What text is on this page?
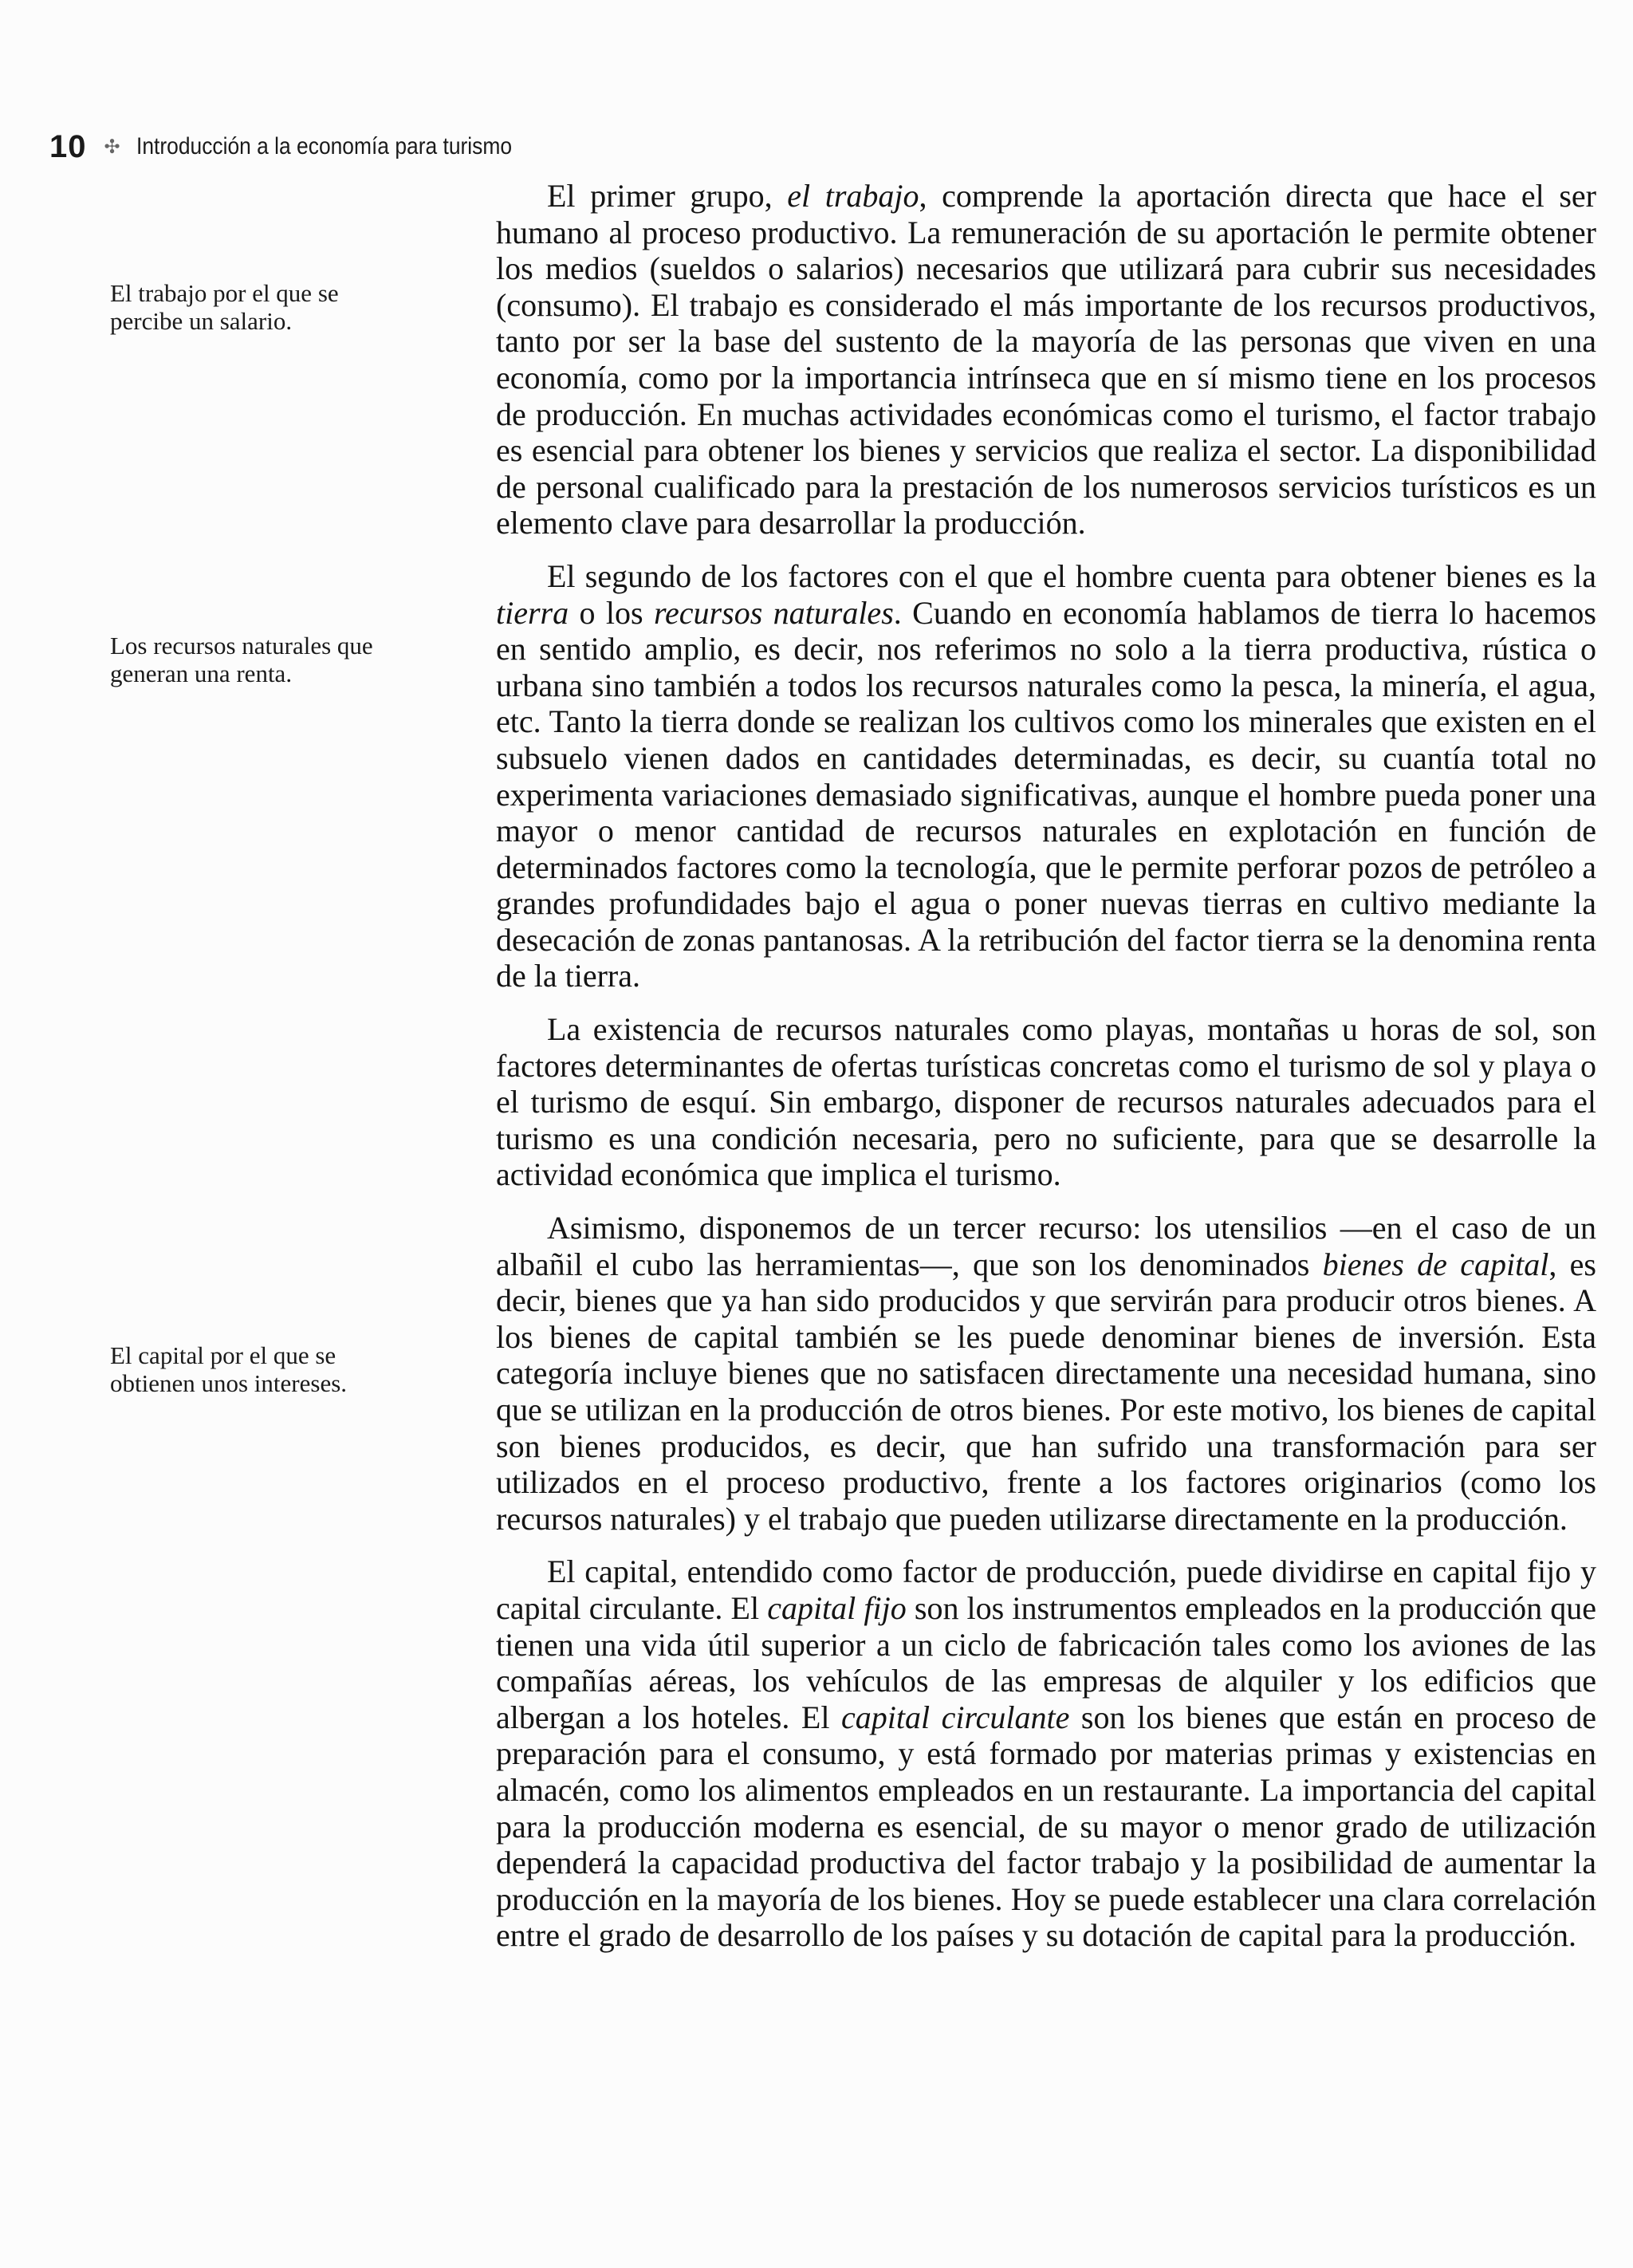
10 ✣ Introducción a la economía para turismo
El trabajo por el que se percibe un salario.
Los recursos naturales que generan una renta.
El capital por el que se obtienen unos intereses.

El primer grupo, el trabajo, comprende la aportación directa que hace el ser humano al proceso productivo. La remuneración de su aportación le permite obtener los medios (sueldos o salarios) necesarios que utilizará para cubrir sus necesidades (consumo). El trabajo es considerado el más importante de los recursos productivos, tanto por ser la base del sustento de la mayoría de las personas que viven en una economía, como por la importancia intrínseca que en sí mismo tiene en los procesos de producción. En muchas actividades económicas como el turismo, el factor trabajo es esencial para obtener los bienes y servicios que realiza el sector. La disponibilidad de personal cualificado para la prestación de los numerosos servicios turísticos es un elemento clave para desarrollar la producción.

El segundo de los factores con el que el hombre cuenta para obtener bienes es la tierra o los recursos naturales. Cuando en economía hablamos de tierra lo hacemos en sentido amplio, es decir, nos referimos no solo a la tierra productiva, rústica o urbana sino también a todos los recursos naturales como la pesca, la minería, el agua, etc. Tanto la tierra donde se realizan los cultivos como los minerales que existen en el subsuelo vienen dados en cantidades determinadas, es decir, su cuantía total no experimenta variaciones demasiado significativas, aunque el hombre pueda poner una mayor o menor cantidad de recursos naturales en explotación en función de determinados factores como la tecnología, que le permite perforar pozos de petróleo a grandes profundidades bajo el agua o poner nuevas tierras en cultivo mediante la desecación de zonas pantanosas. A la retribución del factor tierra se la denomina renta de la tierra.

La existencia de recursos naturales como playas, montañas u horas de sol, son factores determinantes de ofertas turísticas concretas como el turismo de sol y playa o el turismo de esquí. Sin embargo, disponer de recursos naturales adecuados para el turismo es una condición necesaria, pero no suficiente, para que se desarrolle la actividad económica que implica el turismo.

Asimismo, disponemos de un tercer recurso: los utensilios —en el caso de un albañil el cubo las herramientas—, que son los denominados bienes de capital, es decir, bienes que ya han sido producidos y que servirán para producir otros bienes. A los bienes de capital también se les puede denominar bienes de inversión. Esta categoría incluye bienes que no satisfacen directamente una necesidad humana, sino que se utilizan en la producción de otros bienes. Por este motivo, los bienes de capital son bienes producidos, es decir, que han sufrido una transformación para ser utilizados en el proceso productivo, frente a los factores originarios (como los recursos naturales) y el trabajo que pueden utilizarse directamente en la producción.

El capital, entendido como factor de producción, puede dividirse en capital fijo y capital circulante. El capital fijo son los instrumentos empleados en la producción que tienen una vida útil superior a un ciclo de fabricación tales como los aviones de las compañías aéreas, los vehículos de las empresas de alquiler y los edificios que albergan a los hoteles. El capital circulante son los bienes que están en proceso de preparación para el consumo, y está formado por materias primas y existencias en almacén, como los alimentos empleados en un restaurante. La importancia del capital para la producción moderna es esencial, de su mayor o menor grado de utilización dependerá la capacidad productiva del factor trabajo y la posibilidad de aumentar la producción en la mayoría de los bienes. Hoy se puede establecer una clara correlación entre el grado de desarrollo de los países y su dotación de capital para la producción.
